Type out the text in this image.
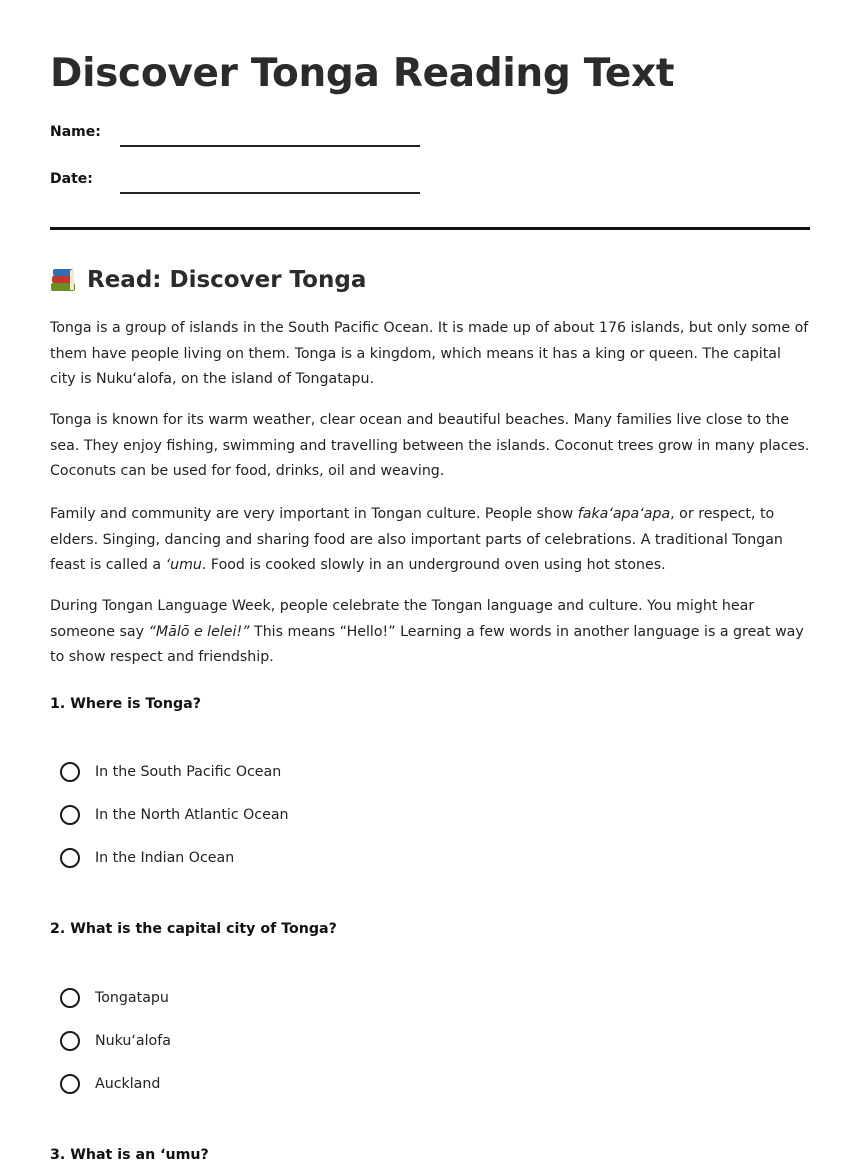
Discover Tonga Reading Text
Name:
Date:
Read: Discover Tonga

Tonga is a group of islands in the South Pacific Ocean. It is made up of about 176 islands, but only some of them have people living on them. Tonga is a kingdom, which means it has a king or queen. The capital city is Nukuʻalofa, on the island of Tongatapu.

Tonga is known for its warm weather, clear ocean and beautiful beaches. Many families live close to the sea. They enjoy fishing, swimming and travelling between the islands. Coconut trees grow in many places. Coconuts can be used for food, drinks, oil and weaving.

Family and community are very important in Tongan culture. People show fakaʻapaʻapa, or respect, to elders. Singing, dancing and sharing food are also important parts of celebrations. A traditional Tongan feast is called a ʻumu. Food is cooked slowly in an underground oven using hot stones.

During Tongan Language Week, people celebrate the Tongan language and culture. You might hear someone say “Mālō e lelei!” This means “Hello!” Learning a few words in another language is a great way to show respect and friendship.

1. Where is Tonga?
In the South Pacific Ocean
In the North Atlantic Ocean
In the Indian Ocean
2. What is the capital city of Tonga?
Tongatapu
Nukuʻalofa
Auckland
3. What is an ʻumu?
